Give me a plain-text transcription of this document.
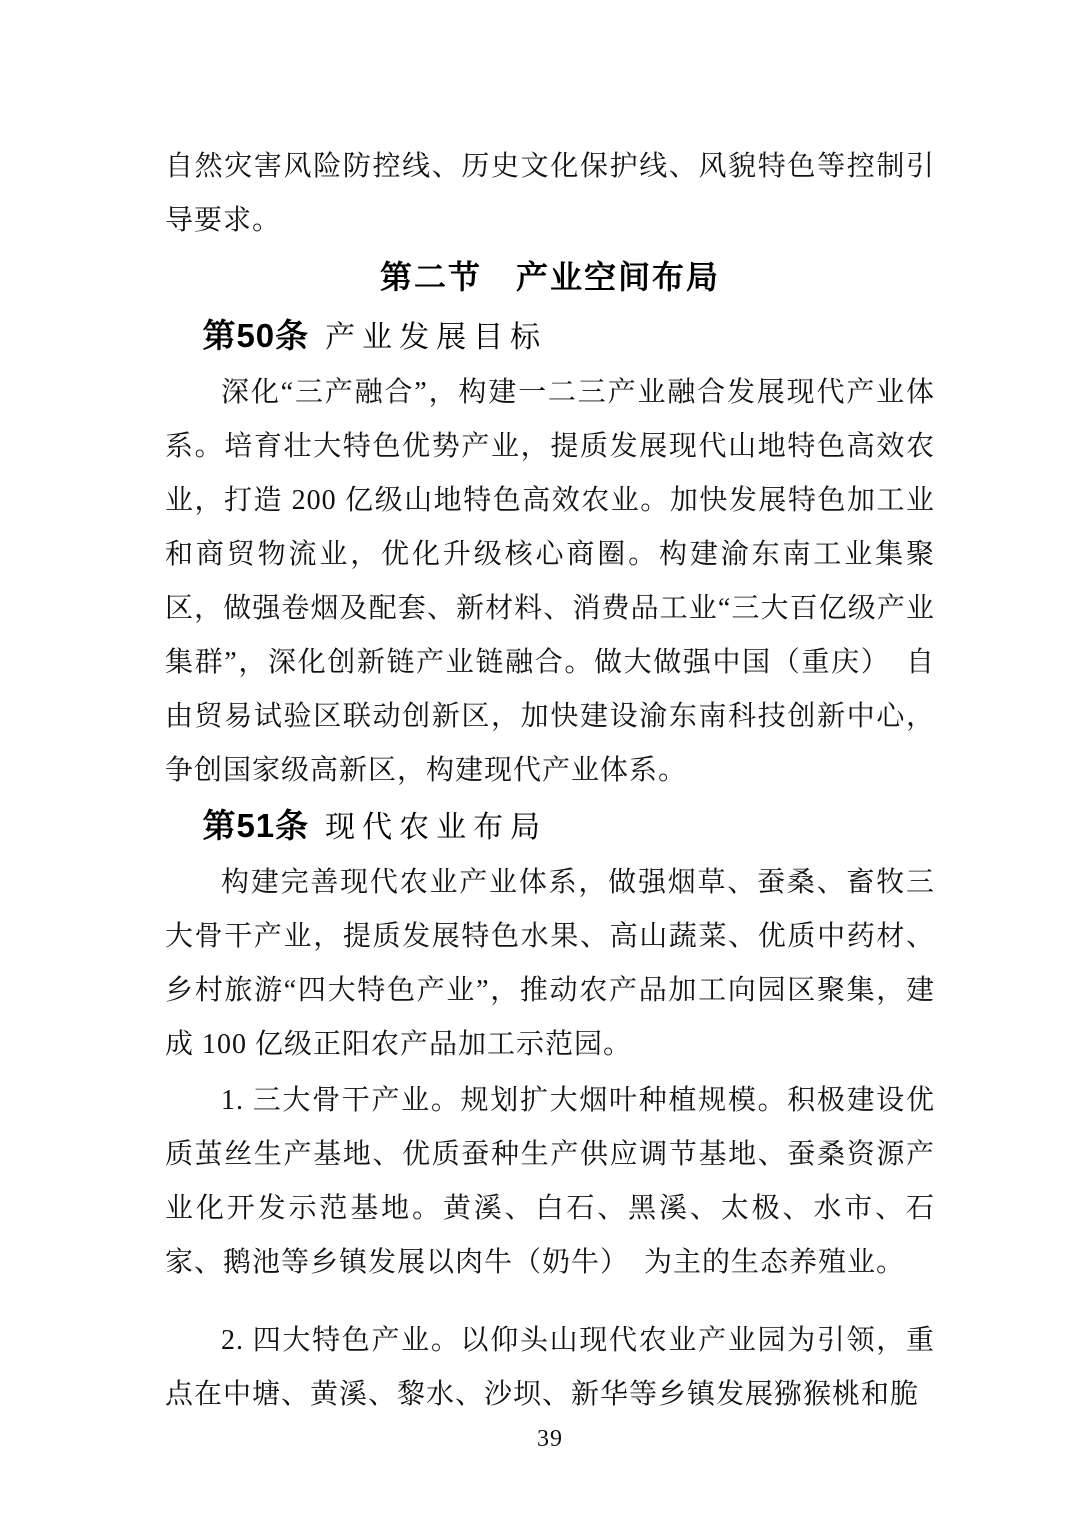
自然灾害风险防控线、历史文化保护线、风貌特色等控制引导要求。

第二节　产业空间布局
第50条 产业发展目标

深化“三产融合”，构建一二三产业融合发展现代产业体系。培育壮大特色优势产业，提质发展现代山地特色高效农业，打造 200 亿级山地特色高效农业。加快发展特色加工业和商贸物流业，优化升级核心商圈。构建渝东南工业集聚区，做强卷烟及配套、新材料、消费品工业“三大百亿级产业集群”，深化创新链产业链融合。做大做强中国（重庆）　自由贸易试验区联动创新区，加快建设渝东南科技创新中心，争创国家级高新区，构建现代产业体系。

第51条 现代农业布局

构建完善现代农业产业体系，做强烟草、蚕桑、畜牧三大骨干产业，提质发展特色水果、高山蔬菜、优质中药材、乡村旅游“四大特色产业”，推动农产品加工向园区聚集，建成 100 亿级正阳农产品加工示范园。

1. 三大骨干产业。规划扩大烟叶种植规模。积极建设优质茧丝生产基地、优质蚕种生产供应调节基地、蚕桑资源产业化开发示范基地。黄溪、白石、黑溪、太极、水市、石家、鹅池等乡镇发展以肉牛（奶牛）　为主的生态养殖业。

2. 四大特色产业。以仰头山现代农业产业园为引领，重点在中塘、黄溪、黎水、沙坝、新华等乡镇发展猕猴桃和脆

39
